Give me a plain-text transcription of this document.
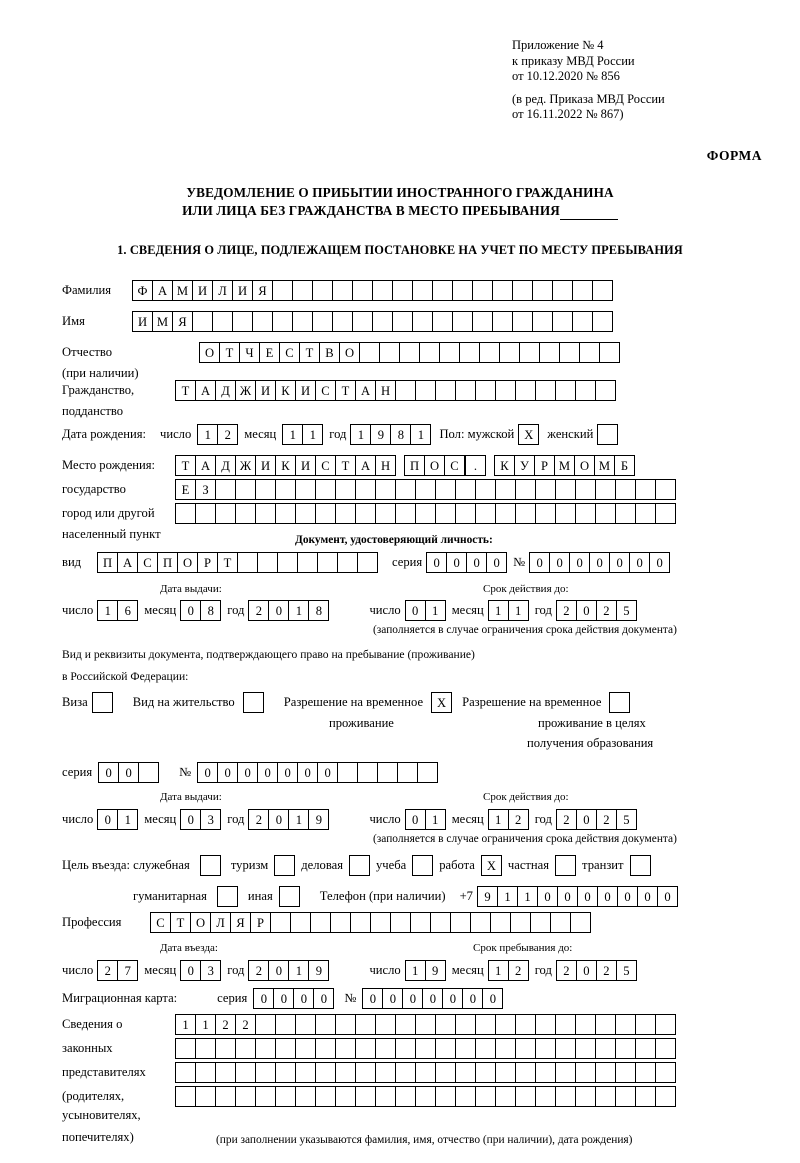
Приложение № 4
к приказу МВД России
от 10.12.2020 № 856
(в ред. Приказа МВД России
от 16.11.2022 № 867)
ФОРМА
УВЕДОМЛЕНИЕ О ПРИБЫТИИ ИНОСТРАННОГО ГРАЖДАНИНА
ИЛИ ЛИЦА БЕЗ ГРАЖДАНСТВА В МЕСТО ПРЕБЫВАНИЯ
1. СВЕДЕНИЯ О ЛИЦЕ, ПОДЛЕЖАЩЕМ ПОСТАНОВКЕ НА УЧЕТ ПО МЕСТУ ПРЕБЫВАНИЯ
Фамилия	Ф А М И Л И Я
Имя	И М Я
Отчество	О Т Ч Е С Т В О
(при наличии)
Гражданство,	Т А Д Ж И К И С Т А Н
подданство
Дата рождения: число	1	2	месяц	1	1	год 1	9	8	1	Пол: мужской X	женский
Место рождения:	Т А Д Ж И К И С Т А Н	П О С	.	К У Р М О М Б
государство	Е	З
город или другой
населенный пункт	Документ, удостоверяющий личность:
вид	П А С П О Р	Т	серия 0	0	0	0	№ 0	0	0	0	0	0	0
Дата выдачи:	Срок действия до:
число 1	6	месяц 0	8	год 2	0	1	8	число 0	1	месяц 1	1	год 2	0	2	5
(заполняется в случае ограничения срока действия документа)
Вид и реквизиты документа, подтверждающего право на пребывание (проживание)
в Российской Федерации:
Виза	Вид на жительство	Разрешение на временное	X	Разрешение на временное
проживание	проживание в целях
получения образования
серия	0	0	№	0	0	0	0	0	0	0
Дата выдачи:	Срок действия до:
число 0	1	месяц 0	3	год 2	0	1	9	число 0	1	месяц 1	2	год 2	0	2	5
(заполняется в случае ограничения срока действия документа)
Цель въезда: служебная	туризм	деловая	учеба	работа X частная	транзит
гуманитарная	иная	Телефон (при наличии) +7 9	1	1	0	0	0	0	0	0	0
Профессия	С Т О Л Я Р
Дата въезда:	Срок пребывания до:
число 2	7	месяц 0	3	год 2	0	1	9	число 1	9	месяц 1	2	год 2	0	2	5
Миграционная карта:	серия	0	0	0	0	№	0	0	0	0	0	0	0
Сведения о	1	1	2	2
законных
представителях
(родителях,
усыновителях,
попечителях)	(при заполнении указываются фамилия, имя, отчество (при наличии), дата рождения)
